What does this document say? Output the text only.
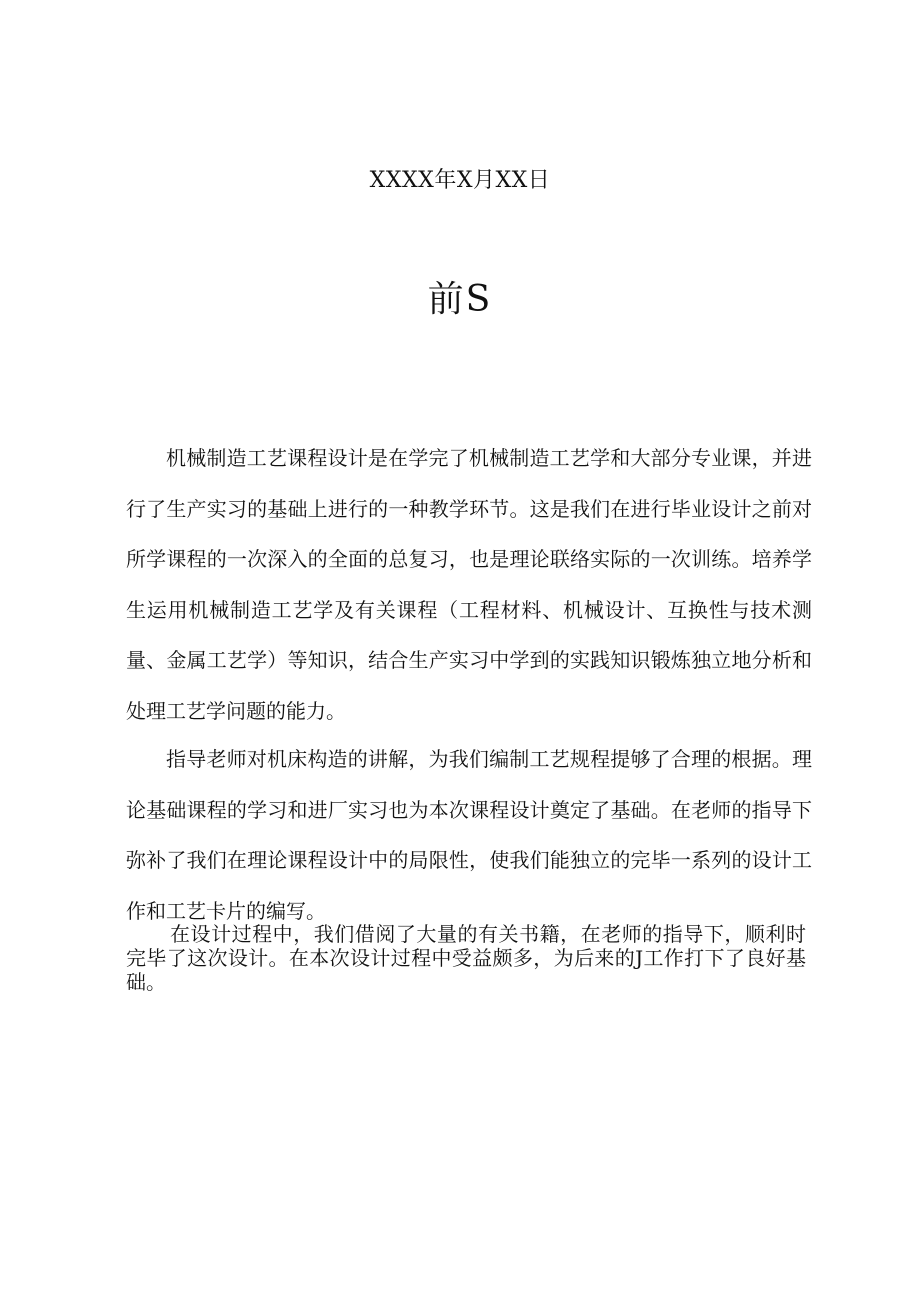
XXXX年X月XX日
前S

机械制造工艺课程设计是在学完了机械制造工艺学和大部分专业课，并进行了生产实习的基础上进行的一种教学环节。这是我们在进行毕业设计之前对所学课程的一次深入的全面的总复习，也是理论联络实际的一次训练。培养学生运用机械制造工艺学及有关课程（工程材料、机械设计、互换性与技术测量、金属工艺学）等知识，结合生产实习中学到的实践知识锻炼独立地分析和处理工艺学问题的能力。

指导老师对机床构造的讲解，为我们编制工艺规程提够了合理的根据。理论基础课程的学习和进厂实习也为本次课程设计奠定了基础。在老师的指导下弥补了我们在理论课程设计中的局限性，使我们能独立的完毕一系列的设计工作和工艺卡片的编写。

在设计过程中，我们借阅了大量的有关书籍，在老师的指导下，顺利时完毕了这次设计。在本次设计过程中受益颇多，为后来的J工作打下了良好基础。
